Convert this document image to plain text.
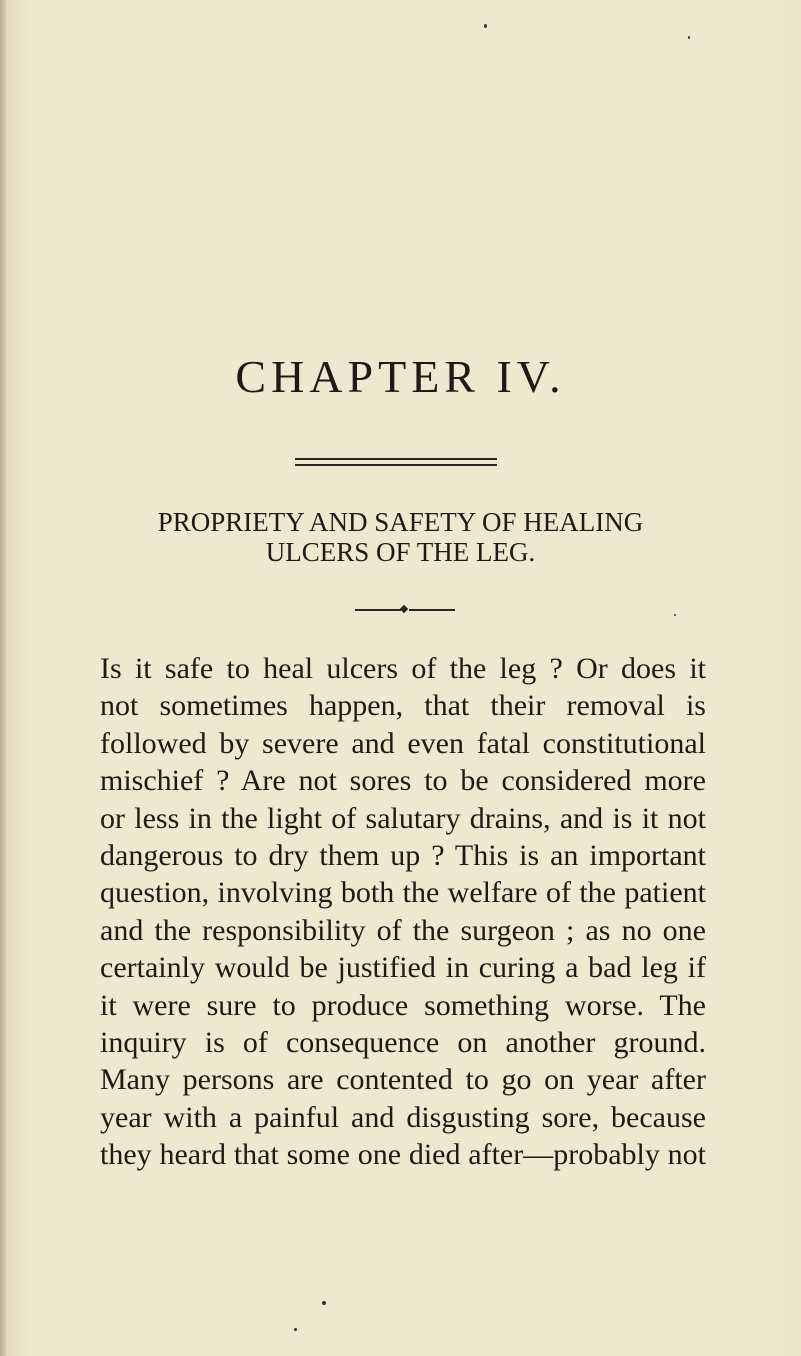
CHAPTER IV.
PROPRIETY AND SAFETY OF HEALING
ULCERS OF THE LEG.
Is it safe to heal ulcers of the leg ? Or does it
not sometimes happen, that their removal is
followed by severe and even fatal constitutional
mischief ? Are not sores to be considered more
or less in the light of salutary drains, and is it not
dangerous to dry them up ? This is an important
question, involving both the welfare of the patient
and the responsibility of the surgeon ; as no one
certainly would be justified in curing a bad leg if
it were sure to produce something worse. The
inquiry is of consequence on another ground.
Many persons are contented to go on year after
year with a painful and disgusting sore, because
they heard that some one died after—probably not
